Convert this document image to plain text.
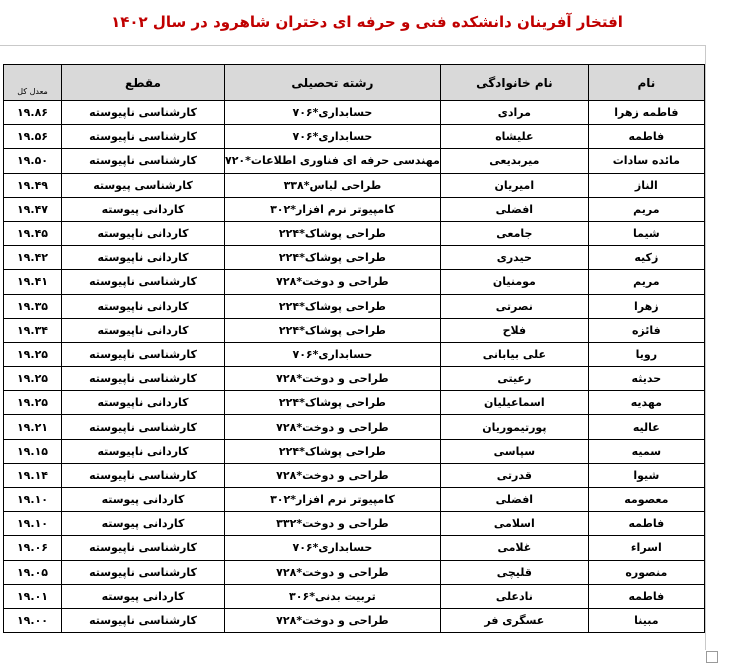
افتخار آفرینان دانشکده فنی و حرفه ای دختران شاهرود در سال ۱۴۰۲
نام	نام خانوادگی	رشته تحصیلی	مقطع	معدل کل
فاطمه زهرا	مرادی	حسابداری*۷۰۶	کارشناسی ناپیوسته	۱۹.۸۶
فاطمه	علیشاه	حسابداری*۷۰۶	کارشناسی ناپیوسته	۱۹.۵۶
مائده سادات	میربدیعی	مهندسی حرفه ای فناوری اطلاعات*۷۲۰	کارشناسی ناپیوسته	۱۹.۵۰
الناز	امیریان	طراحی لباس*۳۳۸	کارشناسی پیوسته	۱۹.۴۹
مریم	افضلی	کامپیوتر نرم افزار*۳۰۲	کاردانی پیوسته	۱۹.۴۷
شیما	جامعی	طراحی پوشاک*۲۲۴	کاردانی ناپیوسته	۱۹.۴۵
زکیه	حیدری	طراحی پوشاک*۲۲۴	کاردانی ناپیوسته	۱۹.۴۲
مریم	مومنیان	طراحی و دوخت*۷۲۸	کارشناسی ناپیوسته	۱۹.۴۱
زهرا	نصرتی	طراحی پوشاک*۲۲۴	کاردانی ناپیوسته	۱۹.۳۵
فائزه	فلاح	طراحی پوشاک*۲۲۴	کاردانی ناپیوسته	۱۹.۳۴
رویا	علی بیابانی	حسابداری*۷۰۶	کارشناسی ناپیوسته	۱۹.۲۵
حدیثه	رعیتی	طراحی و دوخت*۷۲۸	کارشناسی ناپیوسته	۱۹.۲۵
مهدیه	اسماعیلیان	طراحی پوشاک*۲۲۴	کاردانی ناپیوسته	۱۹.۲۵
عالیه	پورتیموریان	طراحی و دوخت*۷۲۸	کارشناسی ناپیوسته	۱۹.۲۱
سمیه	سپاسی	طراحی پوشاک*۲۲۴	کاردانی ناپیوسته	۱۹.۱۵
شیوا	قدرتی	طراحی و دوخت*۷۲۸	کارشناسی ناپیوسته	۱۹.۱۴
معصومه	افضلی	کامپیوتر نرم افزار*۳۰۲	کاردانی پیوسته	۱۹.۱۰
فاطمه	اسلامی	طراحی و دوخت*۳۳۲	کاردانی پیوسته	۱۹.۱۰
اسراء	غلامی	حسابداری*۷۰۶	کارشناسی ناپیوسته	۱۹.۰۶
منصوره	قلیچی	طراحی و دوخت*۷۲۸	کارشناسی ناپیوسته	۱۹.۰۵
فاطمه	نادعلی	تربیت بدنی*۳۰۶	کاردانی پیوسته	۱۹.۰۱
مبینا	عسگری فر	طراحی و دوخت*۷۲۸	کارشناسی ناپیوسته	۱۹.۰۰
